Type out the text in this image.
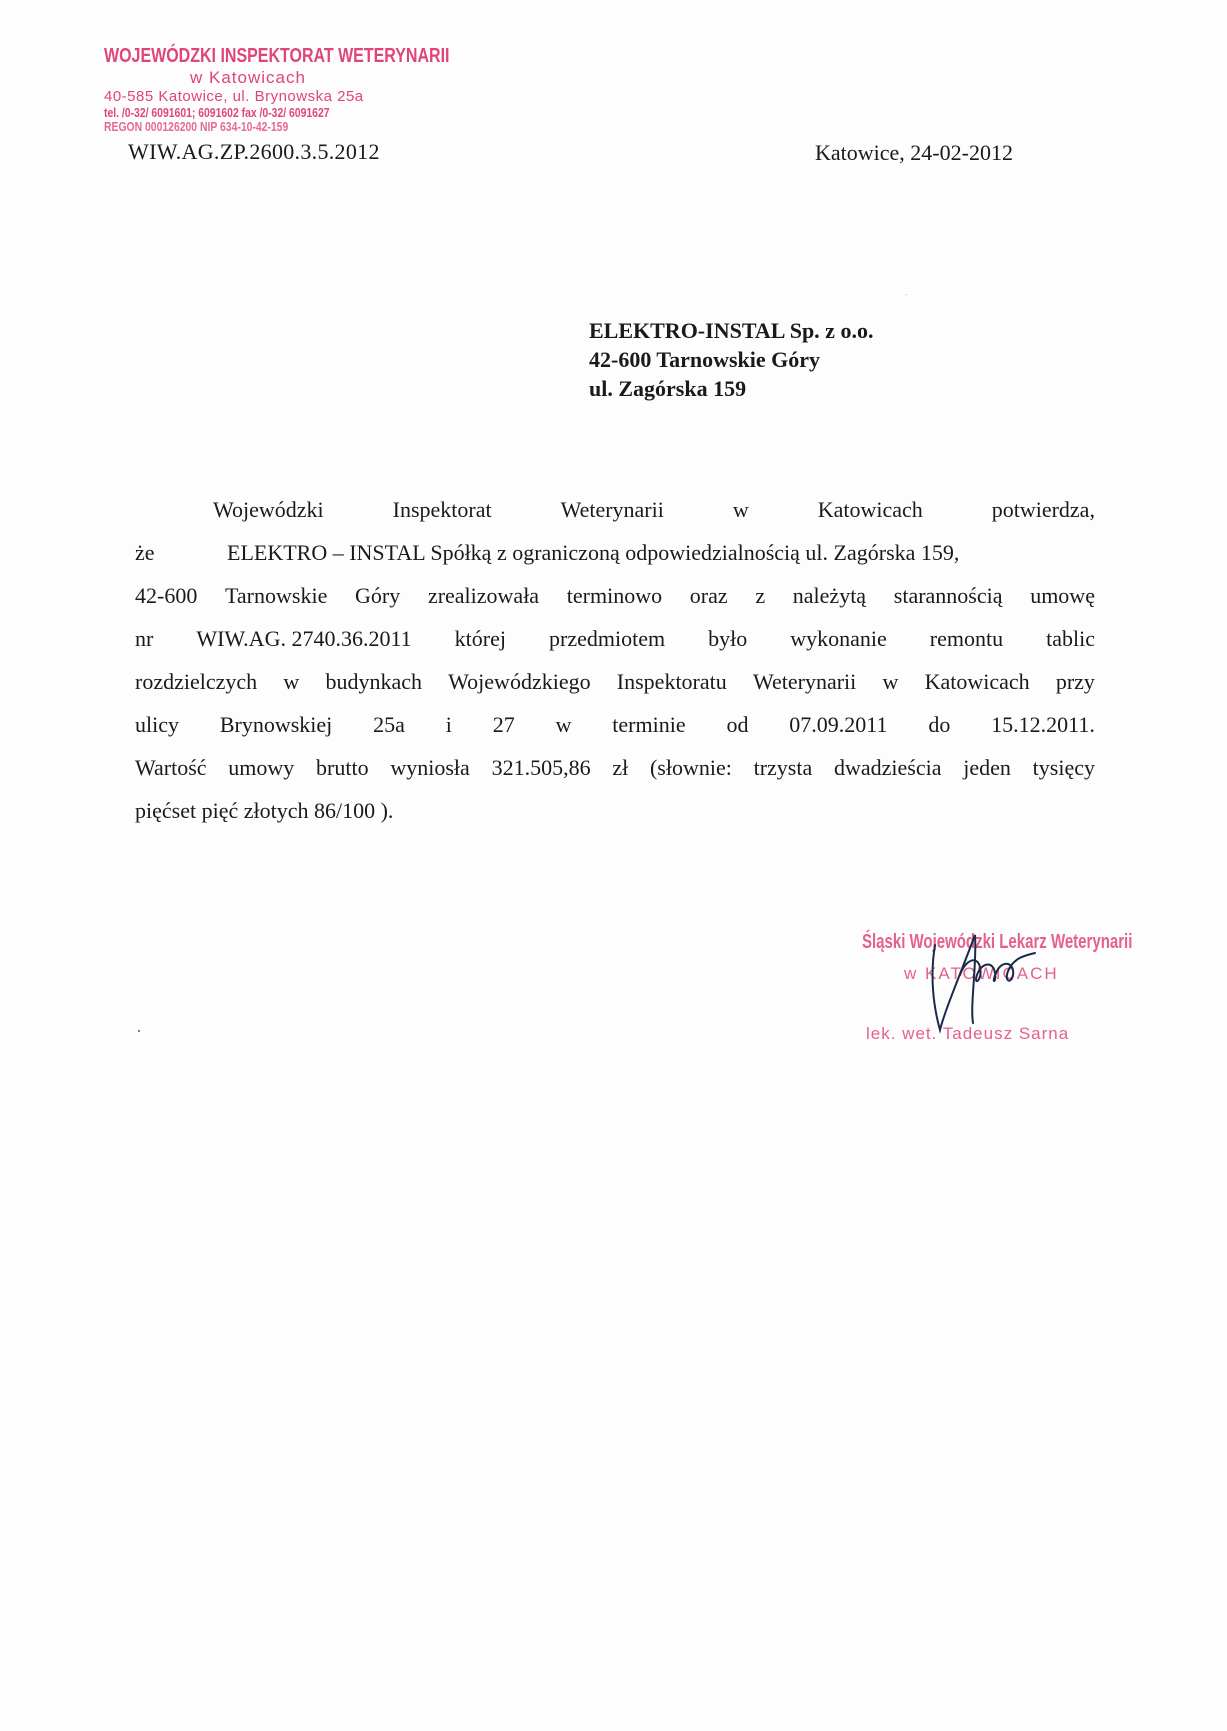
WOJEWÓDZKI INSPEKTORAT WETERYNARII
w Katowicach
40-585 Katowice, ul. Brynowska 25a
tel. /0-32/ 6091601; 6091602 fax /0-32/ 6091627
REGON 000126200 NIP 634-10-42-159
WIW.AG.ZP.2600.3.5.2012	Katowice, 24-02-2012
-
ELEKTRO-INSTAL Sp. z o.o.
42-600 Tarnowskie Góry
ul. Zagórska 159
Wojewódzki	Inspektorat	Weterynarii	w	Katowicach	potwierdza,
że	ELEKTRO – INSTAL Spółką z ograniczoną odpowiedzialnością ul. Zagórska 159,
42-600 Tarnowskie Góry zrealizowała terminowo oraz z należytą starannością umowę
nr WIW.AG. 2740.36.2011 której przedmiotem było wykonanie remontu tablic
rozdzielczych w budynkach Wojewódzkiego Inspektoratu Weterynarii w Katowicach przy
ulicy Brynowskiej 25a i 27 w terminie od 07.09.2011 do 15.12.2011.
Wartość umowy brutto wyniosła 321.505,86 zł (słownie: trzysta dwadzieścia jeden tysięcy
pięćset pięć złotych 86/100 ).
Śląski Wojewódzki Lekarz Weterynarii
w KATOWICACH
lek. wet. Tadeusz Sarna
